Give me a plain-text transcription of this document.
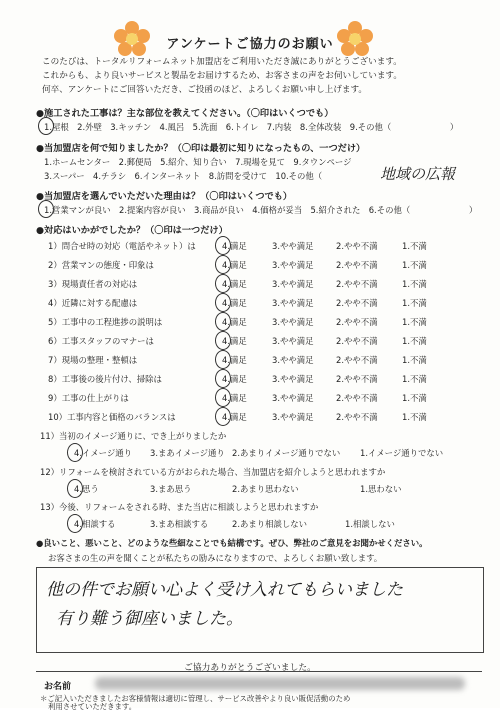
アンケートご協力のお願い
このたびは、トータルリフォームネット加盟店をご利用いただき誠にありがとうございます。
これからも、より良いサービスと製品をお届けするため、お客さまの声をお伺いしています。
何卒、アンケートにご回答いただき、ご投函のほど、よろしくお願い申し上げます。
●施工された工事は？主な部位を教えてください。（〇印はいくつでも）
1.屋根　2.外壁　3.キッチン　4.風呂　5.洗面　6.トイレ　7.内装　8.全体改装　9.その他（　　　　　　　）
●当加盟店を何で知りましたか？（〇印は最初に知りになったもの、一つだけ）
1.ホームセンター　2.郵便局　5.紹介、知り合い　7.現場を見て　9.タウンページ
3.スーパー　4.チラシ　6.インターネット　8.訪問を受けて　10.その他（	地域の広報
●当加盟店を選んでいただいた理由は？（〇印はいくつでも）
1.営業マンが良い　2.提案内容が良い　3.商品が良い　4.価格が妥当　5.紹介された　6.その他（　　　　　　　）
●対応はいかがでしたか？（〇印は一つだけ）
1）問合せ時の対応（電話やネット）は	4.満足	3.やや満足	2.やや不満	1.不満
2）営業マンの態度・印象は	4.満足	3.やや満足	2.やや不満	1.不満
3）現場責任者の対応は	4.満足	3.やや満足	2.やや不満	1.不満
4）近隣に対する配慮は	4.満足	3.やや満足	2.やや不満	1.不満
5）工事中の工程進捗の説明は	4.満足	3.やや満足	2.やや不満	1.不満
6）工事スタッフのマナーは	4.満足	3.やや満足	2.やや不満	1.不満
7）現場の整理・整頓は	4.満足	3.やや満足	2.やや不満	1.不満
8）工事後の後片付け、掃除は	4.満足	3.やや満足	2.やや不満	1.不満
9）工事の仕上がりは	4.満足	3.やや満足	2.やや不満	1.不満
10）工事内容と価格のバランスは	4.満足	3.やや満足	2.やや不満	1.不満
11）当初のイメージ通りに、でき上がりましたか
4.イメージ通り 3.まあイメージ通り 2.あまりイメージ通りでない 1.イメージ通りでない
12）リフォームを検討されている方がおられた場合、当加盟店を紹介しようと思われますか
4.思う	3.まあ思う	2.あまり思わない	1.思わない
13）今後、リフォームをされる時、また当店に相談しようと思われますか
4.相談する	3.まあ相談する	2.あまり相談しない	1.相談しない
●良いこと、悪いこと、どのような些細なことでも結構です。ぜひ、弊社のご意見をお聞かせください。
お客さまの生の声を聞くことが私たちの励みになりますので、よろしくお願い致します。
他の件でお願い心よく受け入れてもらいました
有り難う御座いました。
ご協力ありがとうございました。
お名前
＊ご記入いただきましたお客様情報は適切に管理し、サービス改善やより良い販促活動のため
利用させていただきます。
